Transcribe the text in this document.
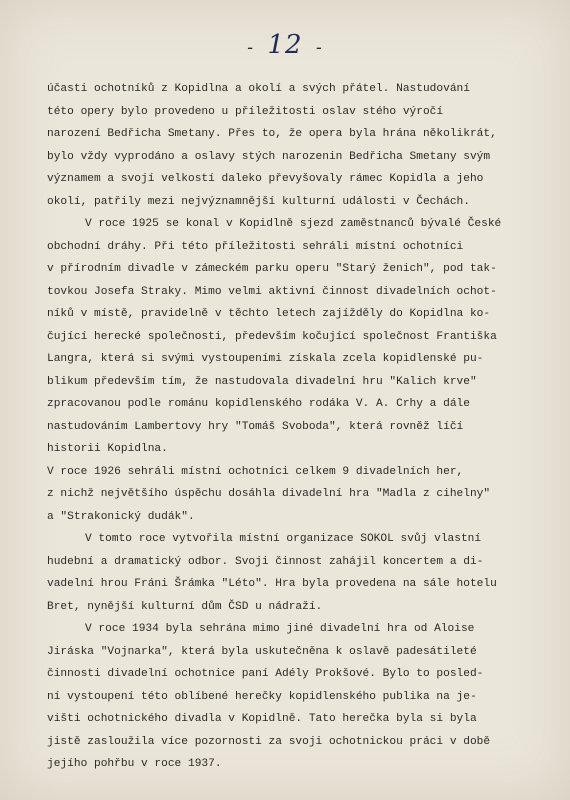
- 12 -
účasti ochotníků z Kopidlna a okolí a svých přátel. Nastudování
této opery bylo provedeno u příležitosti oslav stého výročí
narození Bedřicha Smetany. Přes to, že opera byla hrána několikrát,
bylo vždy vyprodáno a oslavy stých narozenin Bedřicha Smetany svým
významem a svojí velkostí daleko převyšovaly rámec Kopidla a jeho
okolí, patřily mezi nejvýznamnější kulturní události v Čechách.
V roce 1925 se konal v Kopidlně sjezd zaměstnanců bývalé České
obchodní dráhy. Při této příležitosti sehráli místní ochotníci
v přírodním divadle v zámeckém parku operu "Starý ženich", pod tak-
tovkou Josefa Straky. Mimo velmi aktivní činnost divadelních ochot-
níků v místě, pravidelně v těchto letech zajížděly do Kopidlna ko-
čující herecké společnosti, především kočující společnost Františka
Langra, která si svými vystoupeními získala zcela kopidlenské pu-
blikum především tím, že nastudovala divadelní hru "Kalich krve"
zpracovanou podle románu kopidlenského rodáka V. A. Crhy a dále
nastudováním Lambertovy hry "Tomáš Svoboda", která rovněž líčí
historii Kopidlna.
V roce 1926 sehráli místní ochotníci celkem 9 divadelních her,
z nichž největšího úspěchu dosáhla divadelní hra "Madla z cihelny"
a "Strakonický dudák".
V tomto roce vytvořila místní organizace SOKOL svůj vlastní
hudební a dramatický odbor. Svoji činnost zahájil koncertem a di-
vadelní hrou Fráni Šrámka "Léto". Hra byla provedena na sále hotelu
Bret, nynější kulturní dům ČSD u nádraží.
V roce 1934 byla sehrána mimo jiné divadelní hra od Aloise
Jiráska "Vojnarka", která byla uskutečněna k oslavě padesátileté
činnosti divadelní ochotnice paní Adély Prokšové. Bylo to posled-
ní vystoupení této oblíbené herečky kopidlenského publika na je-
višti ochotnického divadla v Kopidlně. Tato herečka byla si byla
jistě zasloužila více pozornosti za svoji ochotnickou práci v době
jejího pohřbu v roce 1937.
